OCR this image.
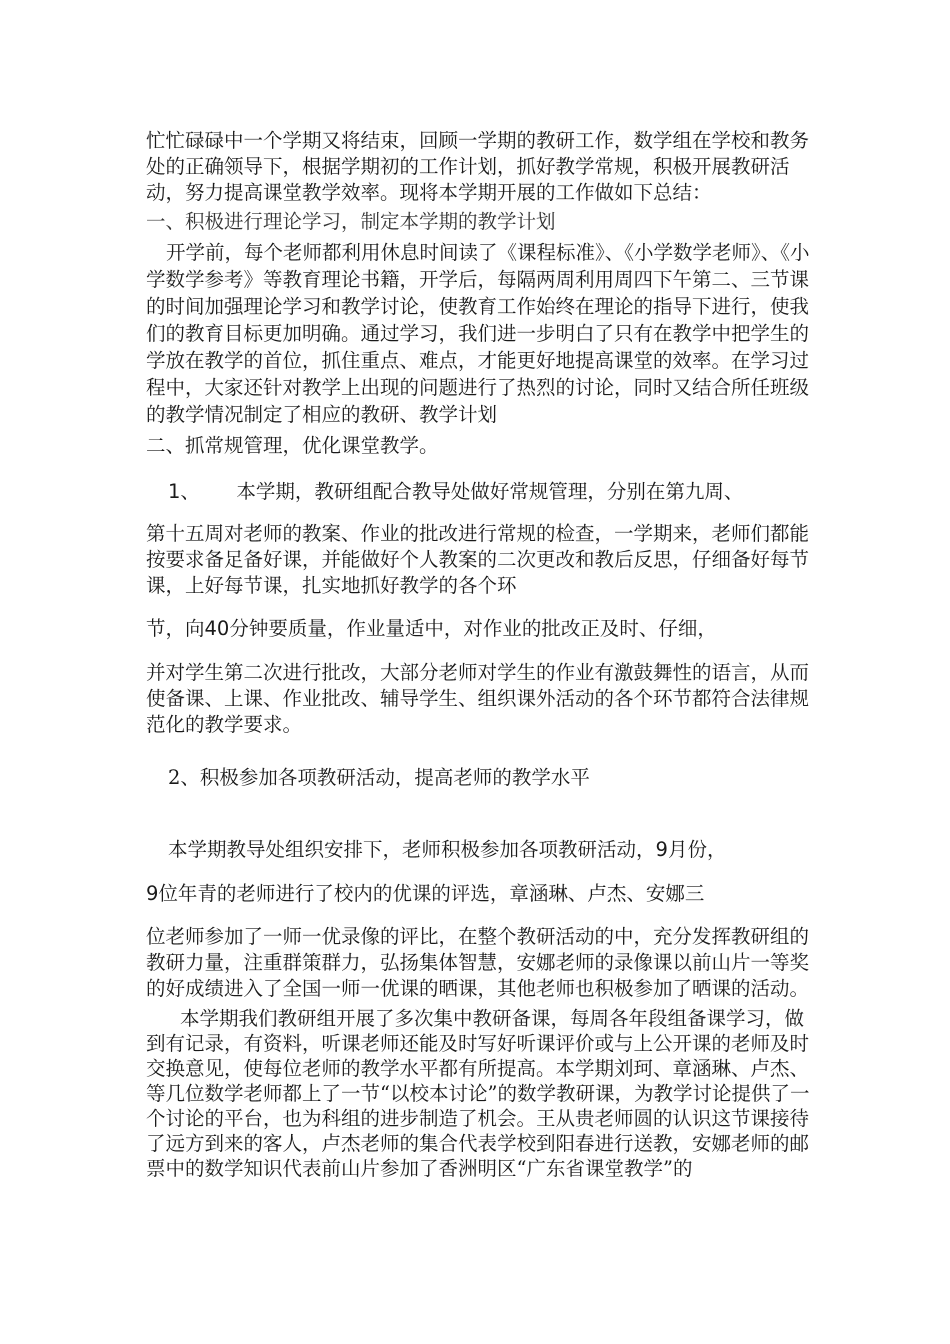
忙忙碌碌中一个学期又将结束，回顾一学期的教研工作，数学组在学校和教务处的正确领导下，根据学期初的工作计划，抓好教学常规，积极开展教研活动，努力提高课堂教学效率。现将本学期开展的工作做如下总结：

一、积极进行理论学习，制定本学期的教学计划

开学前，每个老师都利用休息时间读了《课程标准》、《小学数学老师》、《小学数学参考》等教育理论书籍，开学后，每隔两周利用周四下午第二、三节课的时间加强理论学习和教学讨论，使教育工作始终在理论的指导下进行，使我们的教育目标更加明确。通过学习，我们进一步明白了只有在教学中把学生的学放在教学的首位，抓住重点、难点，才能更好地提高课堂的效率。在学习过程中，大家还针对教学上出现的问题进行了热烈的讨论，同时又结合所任班级的教学情况制定了相应的教研、教学计划

二、抓常规管理，优化课堂教学。

1、 本学期，教研组配合教导处做好常规管理，分别在第九周、

第十五周对老师的教案、作业的批改进行常规的检查，一学期来，老师们都能按要求备足备好课，并能做好个人教案的二次更改和教后反思，仔细备好每节课，上好每节课，扎实地抓好教学的各个环

节，向40分钟要质量，作业量适中，对作业的批改正及时、仔细，

并对学生第二次进行批改，大部分老师对学生的作业有激鼓舞性的语言，从而使备课、上课、作业批改、辅导学生、组织课外活动的各个环节都符合法律规范化的教学要求。

2、积极参加各项教研活动，提高老师的教学水平

本学期教导处组织安排下，老师积极参加各项教研活动，9月份，

9位年青的老师进行了校内的优课的评选，章涵琳、卢杰、安娜三

位老师参加了一师一优录像的评比，在整个教研活动的中，充分发挥教研组的教研力量，注重群策群力，弘扬集体智慧，安娜老师的录像课以前山片一等奖的好成绩进入了全国一师一优课的晒课，其他老师也积极参加了晒课的活动。

本学期我们教研组开展了多次集中教研备课，每周各年段组备课学习，做到有记录，有资料，听课老师还能及时写好听课评价或与上公开课的老师及时交换意见，使每位老师的教学水平都有所提高。本学期刘珂、章涵琳、卢杰、等几位数学老师都上了一节“以校本讨论”的数学教研课，为教学讨论提供了一个讨论的平台，也为科组的进步制造了机会。王从贵老师圆的认识这节课接待了远方到来的客人，卢杰老师的集合代表学校到阳春进行送教，安娜老师的邮票中的数学知识代表前山片参加了香洲明区“广东省课堂教学”的
